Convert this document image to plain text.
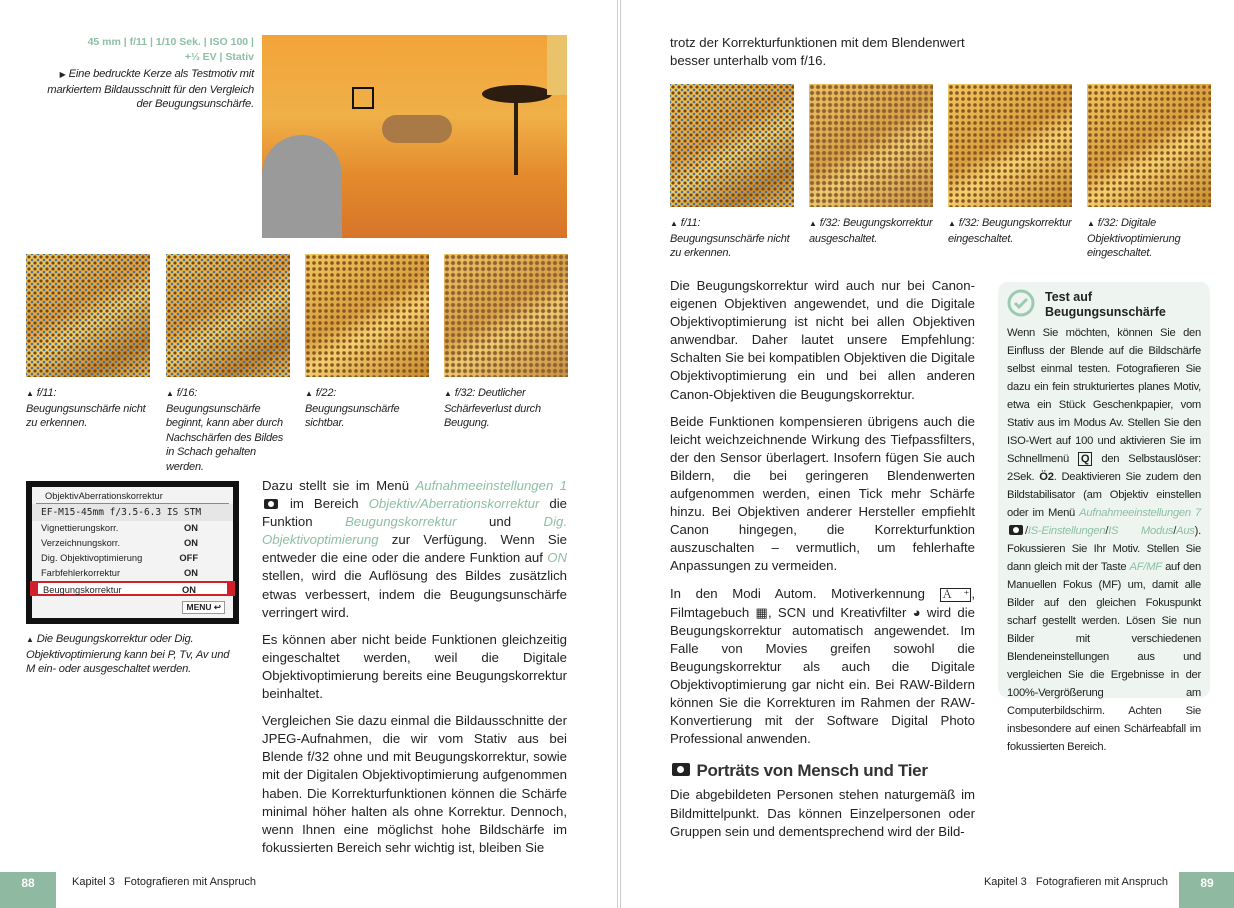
45 mm | f/11 | 1/10 Sek. | ISO 100 |
+⅓ EV | Stativ
▶ Eine bedruckte Kerze als Testmotiv mit markiertem Bildausschnitt für den Vergleich der Beugungsunschärfe.
▲ f/11: Beugungsunschärfe nicht zu erkennen.
▲ f/16: Beugungsunschärfe beginnt, kann aber durch Nachschärfen des Bildes in Schach gehalten werden.
▲ f/22: Beugungsunschärfe sichtbar.
▲ f/32: Deutlicher Schärfeverlust durch Beugung.
ObjektivAberrationskorrektur
EF-M15-45mm f/3.5-6.3 IS STM
Vignettierungskorr.	ON
Verzeichnungskorr.	ON
Dig. Objektivoptimierung	OFF
Farbfehlerkorrektur	ON
Beugungskorrektur	ON
MENU ↩
▲ Die Beugungskorrektur oder Dig. Objektivoptimierung kann bei P, Tv, Av und M ein- oder ausgeschaltet werden.

Dazu stellt sie im Menü Aufnahmeeinstellungen 1  im Bereich Objektiv/Aberrationskorrektur die Funktion Beugungskorrektur und Dig. Objektivoptimierung zur Verfügung. Wenn Sie entweder die eine oder die andere Funktion auf ON stellen, wird die Auflösung des Bildes zusätzlich etwas verbessert, indem die Beugungsunschärfe verringert wird.

Es können aber nicht beide Funktionen gleichzeitig eingeschaltet werden, weil die Digitale Objektivoptimierung bereits eine Beugungskorrektur beinhaltet.

Vergleichen Sie dazu einmal die Bildausschnitte der JPEG-Aufnahmen, die wir vom Stativ aus bei Blende f/32 ohne und mit Beugungskorrektur, sowie mit der Digitalen Objektivoptimierung aufgenommen haben. Die Korrekturfunktionen können die Schärfe minimal höher halten als ohne Korrektur. Dennoch, wenn Ihnen eine möglichst hohe Bildschärfe im fokussierten Bereich sehr wichtig ist, bleiben Sie

88	Kapitel 3   Fotografieren mit Anspruch
trotz der Korrekturfunktionen mit dem Blendenwert besser unterhalb vom f/16.
▲ f/11: Beugungsunschärfe nicht zu erkennen.
▲ f/32: Beugungskorrektur ausgeschaltet.
▲ f/32: Beugungskorrektur eingeschaltet.
▲ f/32: Digitale Objektivoptimierung eingeschaltet.

Die Beugungskorrektur wird auch nur bei Canon-eigenen Objektiven angewendet, und die Digitale Objektivoptimierung ist nicht bei allen Objektiven anwendbar. Daher lautet unsere Empfehlung: Schalten Sie bei kompatiblen Objektiven die Digitale Objektivoptimierung ein und bei allen anderen Canon-Objektiven die Beugungskorrektur.

Beide Funktionen kompensieren übrigens auch die leicht weichzeichnende Wirkung des Tiefpassfilters, der den Sensor überlagert. Insofern fügen Sie auch Bildern, die bei geringeren Blendenwerten aufgenommen werden, einen Tick mehr Schärfe hinzu. Bei Objektiven anderer Hersteller empfiehlt Canon hingegen, die Korrekturfunktion auszuschalten – vermutlich, um fehlerhafte Anpassungen zu vermeiden.

In den Modi Autom. Motiverkennung Ａ⁺ , Filmtagebuch ▦, SCN und Kreativfilter ◕ wird die Beugungskorrektur automatisch angewendet. Im Falle von Movies greifen sowohl die Beugungskorrektur als auch die Digitale Objektivoptimierung gar nicht ein. Bei RAW-Bildern können Sie die Korrekturen im Rahmen der RAW-Konvertierung mit der Software Digital Photo Professional anwenden.

Porträts von Mensch und Tier

Die abgebildeten Personen stehen naturgemäß im Bildmittelpunkt. Das können Einzelpersonen oder Gruppen sein und dementsprechend wird der Bild-

Test auf Beugungsunschärfe
Wenn Sie möchten, können Sie den Einfluss der Blende auf die Bildschärfe selbst einmal testen. Fotografieren Sie dazu ein fein strukturiertes planes Motiv, etwa ein Stück Geschenkpapier, vom Stativ aus im Modus Av. Stellen Sie den ISO-Wert auf 100 und aktivieren Sie im Schnellmenü Q den Selbstauslöser: 2Sek. Ö2. Deaktivieren Sie zudem den Bildstabilisator (am Objektiv einstellen oder im Menü Aufnahmeeinstellungen 7 /IS-Einstellungen/IS Modus/Aus). Fokussieren Sie Ihr Motiv. Stellen Sie dann gleich mit der Taste AF/MF auf den Manuellen Fokus (MF) um, damit alle Bilder auf den gleichen Fokuspunkt scharf gestellt werden. Lösen Sie nun Bilder mit verschiedenen Blendeneinstellungen aus und vergleichen Sie die Ergebnisse in der 100%-Vergrößerung am Computerbildschirm. Achten Sie insbesondere auf einen Schärfeabfall im fokussierten Bereich.
Kapitel 3   Fotografieren mit Anspruch	89
